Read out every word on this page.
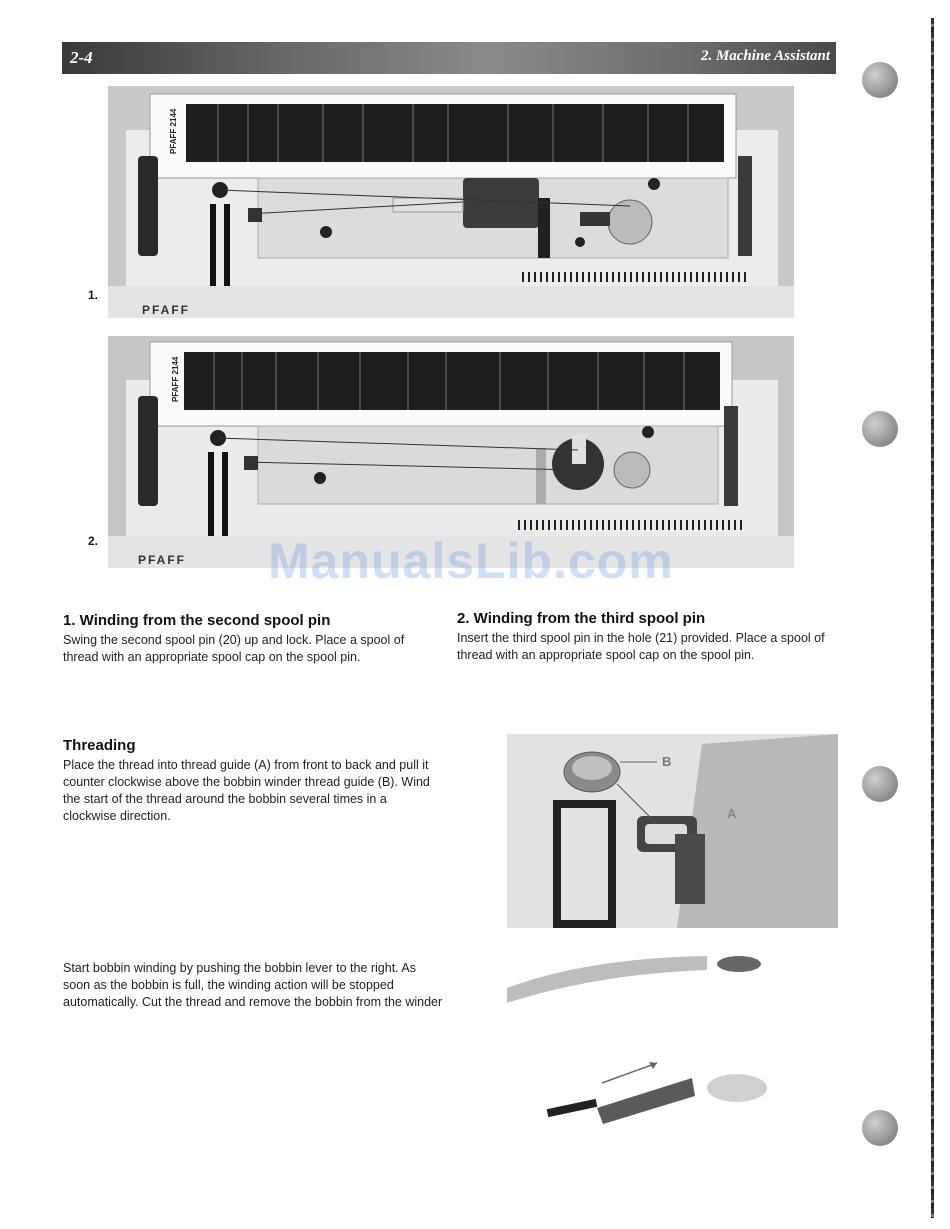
2-4	2. Machine Assistant
PFAFF
PFAFF 2144
1.
PFAFF
PFAFF 2144
2.	ManualsLib.com
1. Winding from the second spool pin

Swing the second spool pin (20) up and lock. Place a spool of thread with an appropriate spool cap on the spool pin.

2. Winding from the third spool pin

Insert the third spool pin in the hole (21) provided. Place a spool of thread with an appropriate spool cap on the spool pin.

Threading

Place the thread into thread guide (A) from front to back and pull it counter clockwise above the bobbin winder thread guide (B). Wind the start of the thread around the bobbin several times in a clockwise direction.

Start bobbin winding by pushing the bobbin lever to the right. As soon as the bobbin is full, the winding action will be stopped automatically. Cut the thread and remove the bobbin from the winder

B
A
